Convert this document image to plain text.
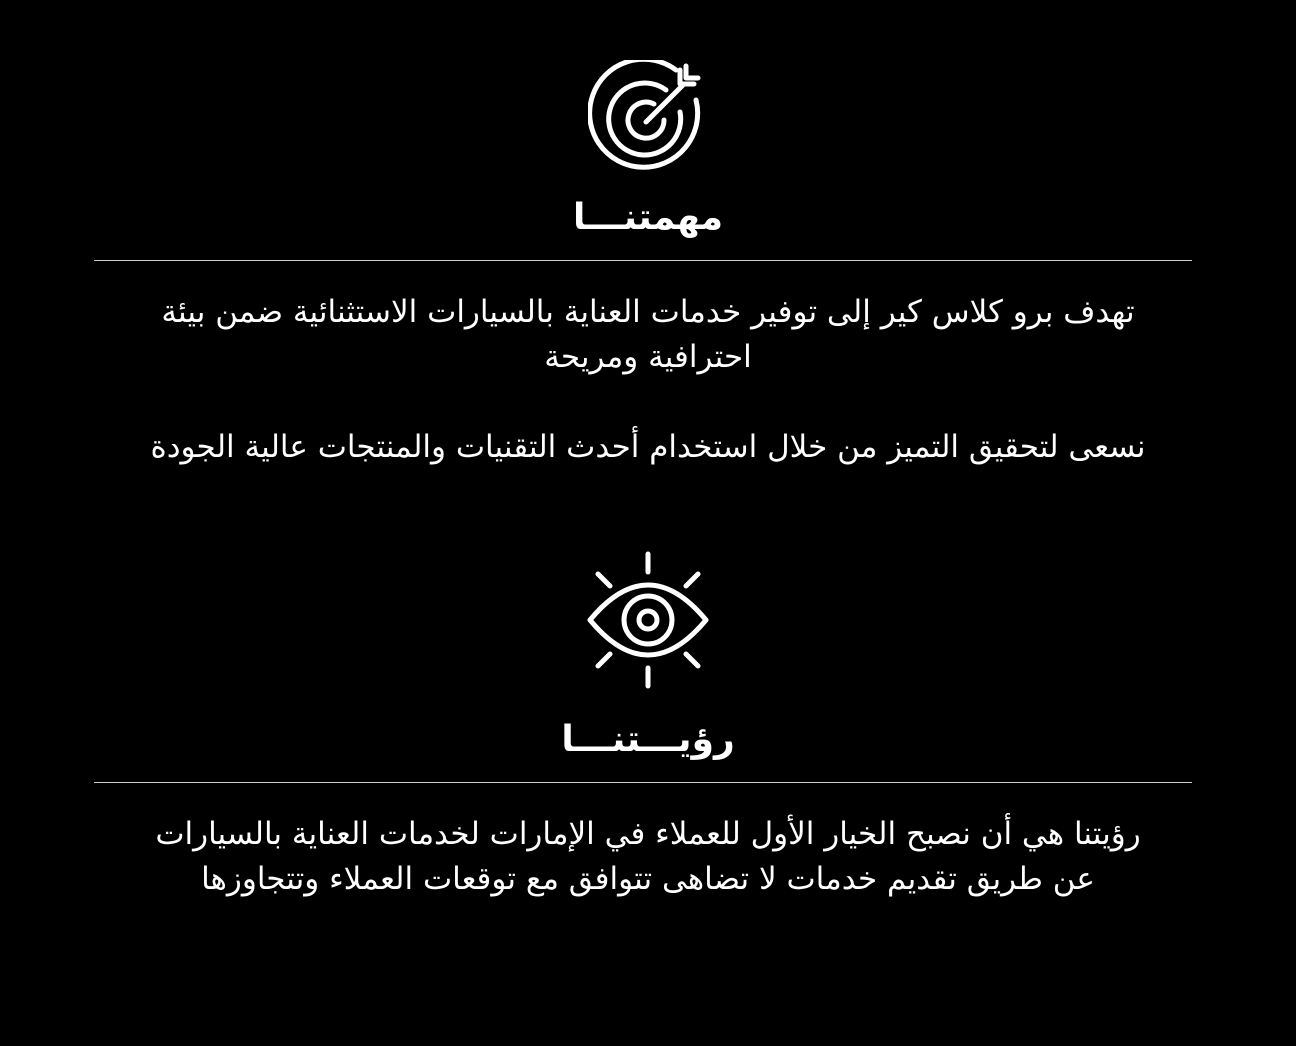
مهمتنـــا

تهدف برو كلاس كير إلى توفير خدمات العناية بالسيارات الاستثنائية ضمن بيئة احترافية ومريحة

نسعى لتحقيق التميز من خلال استخدام أحدث التقنيات والمنتجات عالية الجودة

رؤيـــتنـــا

رؤيتنا هي أن نصبح الخيار الأول للعملاء في الإمارات لخدمات العناية بالسيارات عن طريق تقديم خدمات لا تضاهى تتوافق مع توقعات العملاء وتتجاوزها
